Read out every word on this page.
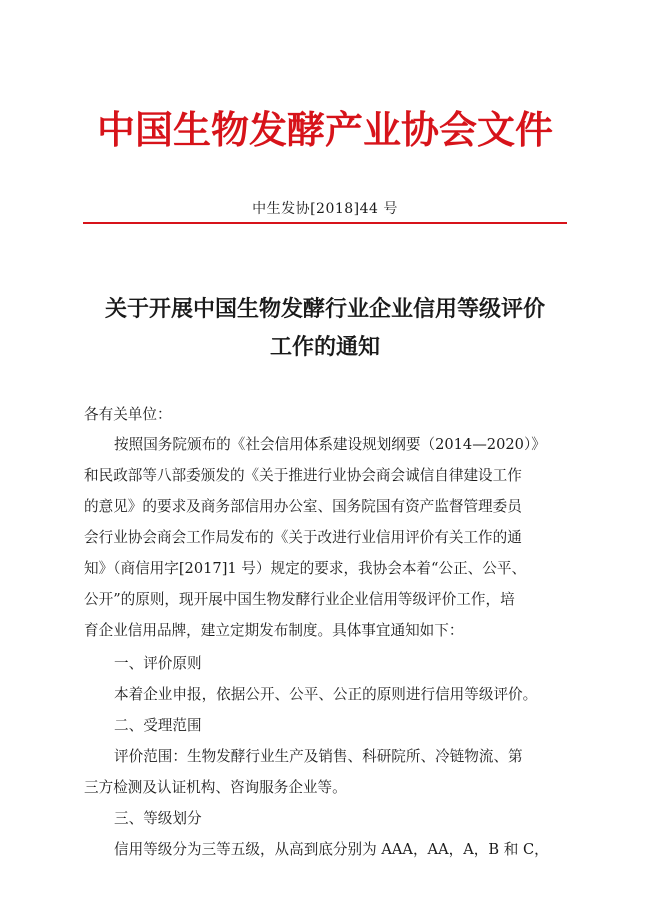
中国生物发酵产业协会文件
中生发协[2018]44 号
关于开展中国生物发酵行业企业信用等级评价
工作的通知
各有关单位：
按照国务院颁布的《社会信用体系建设规划纲要（2014—2020）》
和民政部等八部委颁发的《关于推进行业协会商会诚信自律建设工作
的意见》的要求及商务部信用办公室、国务院国有资产监督管理委员
会行业协会商会工作局发布的《关于改进行业信用评价有关工作的通
知》（商信用字[2017]1 号）规定的要求，我协会本着“公正、公平、
公开”的原则，现开展中国生物发酵行业企业信用等级评价工作，培
育企业信用品牌，建立定期发布制度。具体事宜通知如下：
一、评价原则
本着企业申报，依据公开、公平、公正的原则进行信用等级评价。
二、受理范围
评价范围：生物发酵行业生产及销售、科研院所、冷链物流、第
三方检测及认证机构、咨询服务企业等。
三、等级划分
信用等级分为三等五级，从高到底分别为 AAA，AA，A，B 和 C，
